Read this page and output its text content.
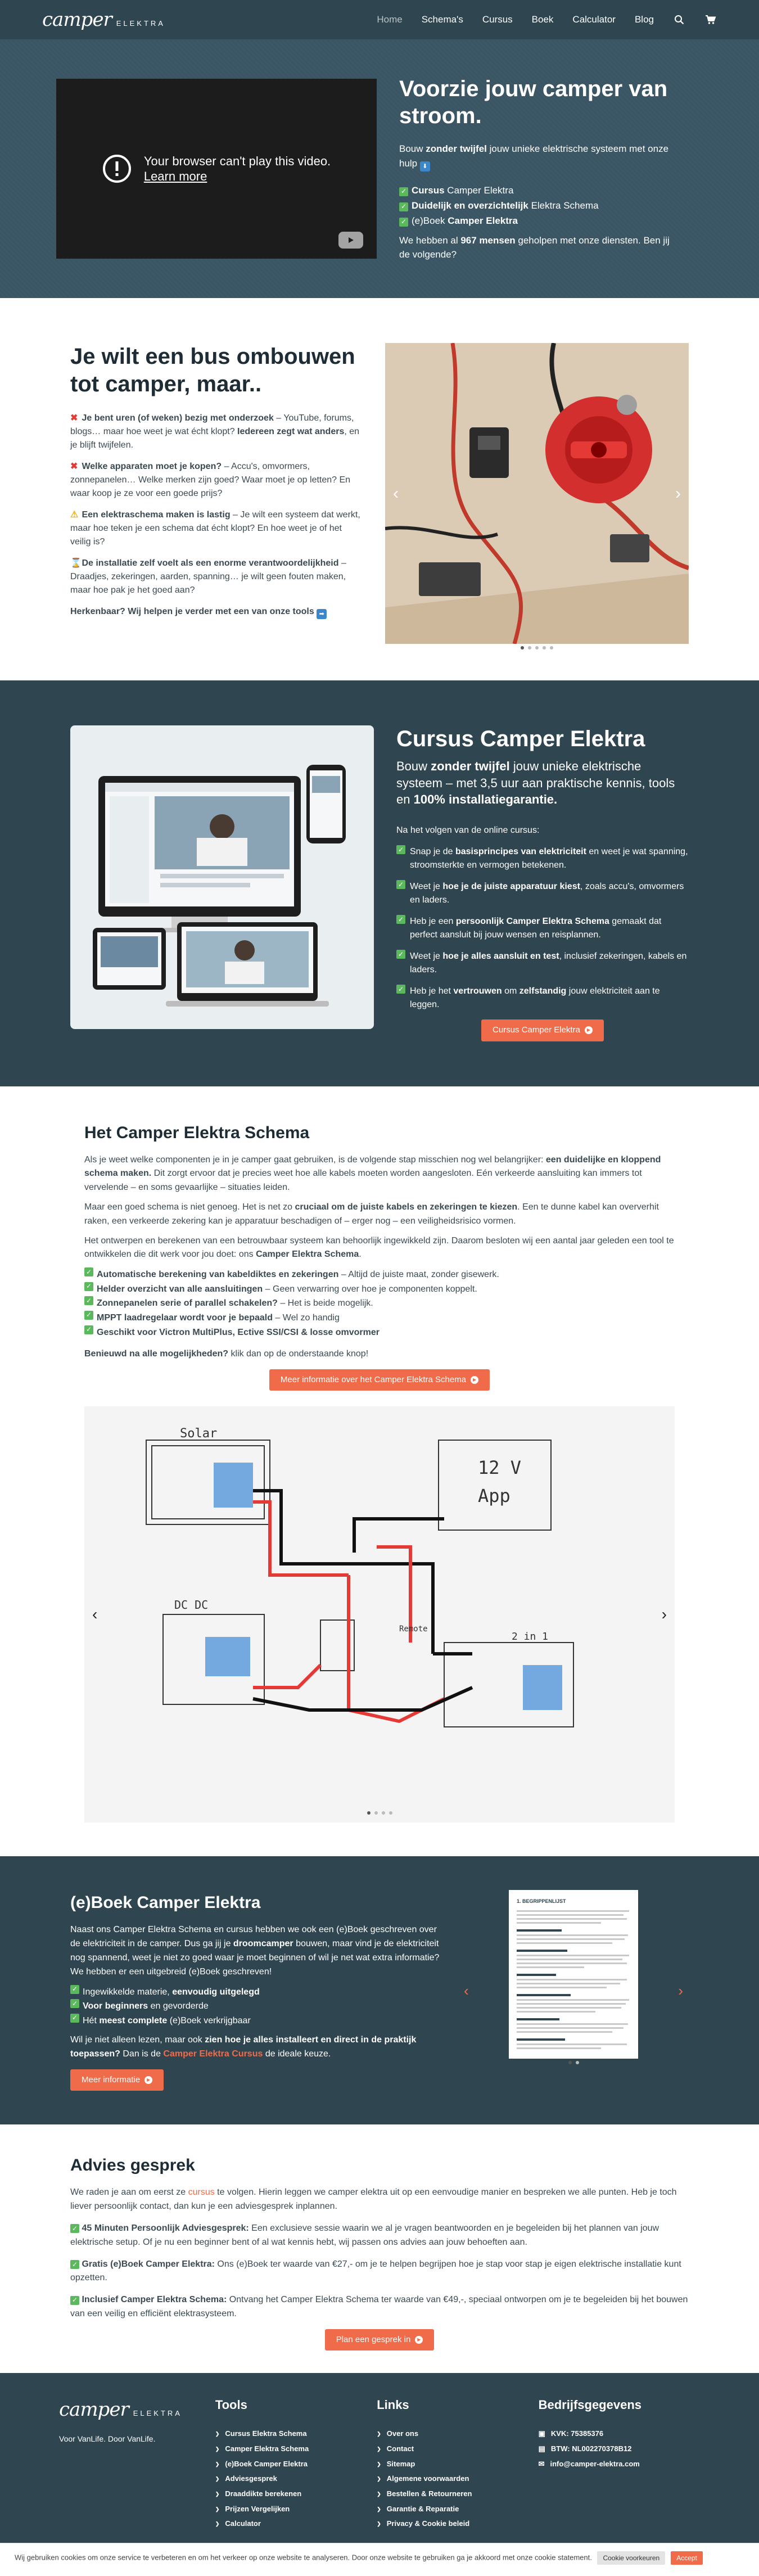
camper ELEKTRA	Home Schema's Cursus Boek Calculator Blog
Your browser can't play this video.
Learn more
Voorzie jouw camper van stroom.

Bouw zonder twijfel jouw unieke elektrische systeem met onze hulp ⬇

✓ Cursus Camper Elektra
✓ Duidelijk en overzichtelijk Elektra Schema
✓ (e)Boek Camper Elektra

We hebben al 967 mensen geholpen met onze diensten. Ben jij de volgende?

Je wilt een bus ombouwen tot camper, maar..

✖ Je bent uren (of weken) bezig met onderzoek – YouTube, forums, blogs… maar hoe weet je wat écht klopt? Iedereen zegt wat anders, en je blijft twijfelen.

✖ Welke apparaten moet je kopen? – Accu's, omvormers, zonnepanelen… Welke merken zijn goed? Waar moet je op letten? En waar koop je ze voor een goede prijs?

⚠ Een elektraschema maken is lastig – Je wilt een systeem dat werkt, maar hoe teken je een schema dat écht klopt? En hoe weet je of het veilig is?

⌛ De installatie zelf voelt als een enorme verantwoordelijkheid – Draadjes, zekeringen, aarden, spanning… je wilt geen fouten maken, maar hoe pak je het goed aan?

Herkenbaar? Wij helpen je verder met een van onze tools ➡

‹	›
Cursus Camper Elektra

Bouw zonder twijfel jouw unieke elektrische systeem – met 3,5 uur aan praktische kennis, tools en 100% installatiegarantie.

Na het volgen van de online cursus:

✓ Snap je de basisprincipes van elektriciteit en weet je wat spanning, stroomsterkte en vermogen betekenen.
✓ Weet je hoe je de juiste apparatuur kiest, zoals accu's, omvormers en laders.
✓ Heb je een persoonlijk Camper Elektra Schema gemaakt dat perfect aansluit bij jouw wensen en reisplannen.
✓ Weet je hoe je alles aansluit en test, inclusief zekeringen, kabels en laders.
✓ Heb je het vertrouwen om zelfstandig jouw elektriciteit aan te leggen.
Cursus Camper Elektra	▶
Het Camper Elektra Schema

Als je weet welke componenten je in je camper gaat gebruiken, is de volgende stap misschien nog wel belangrijker: een duidelijke en kloppend schema maken. Dit zorgt ervoor dat je precies weet hoe alle kabels moeten worden aangesloten. Eén verkeerde aansluiting kan immers tot vervelende – en soms gevaarlijke – situaties leiden.

Maar een goed schema is niet genoeg. Het is net zo cruciaal om de juiste kabels en zekeringen te kiezen. Een te dunne kabel kan oververhit raken, een verkeerde zekering kan je apparatuur beschadigen of – erger nog – een veiligheidsrisico vormen.

Het ontwerpen en berekenen van een betrouwbaar systeem kan behoorlijk ingewikkeld zijn. Daarom besloten wij een aantal jaar geleden een tool te ontwikkelen die dit werk voor jou doet: ons Camper Elektra Schema.

✓ Automatische berekening van kabeldiktes en zekeringen – Altijd de juiste maat, zonder gisewerk.
✓ Helder overzicht van alle aansluitingen – Geen verwarring over hoe je componenten koppelt.
✓ Zonnepanelen serie of parallel schakelen? – Het is beide mogelijk.
✓ MPPT laadregelaar wordt voor je bepaald – Wel zo handig
✓ Geschikt voor Victron MultiPlus, Ective SSI/CSI & losse omvormer

Benieuwd na alle mogelijkheden? klik dan op de onderstaande knop!

Meer informatie over het Camper Elektra Schema	▶
Solar
DC DC
12 V
App
2 in 1
Remote
‹	›
(e)Boek Camper Elektra

Naast ons Camper Elektra Schema en cursus hebben we ook een (e)Boek geschreven over de elektriciteit in de camper. Dus ga jij je droomcamper bouwen, maar vind je de elektriciteit nog spannend, weet je niet zo goed waar je moet beginnen of wil je net wat extra informatie? We hebben er een uitgebreid (e)Boek geschreven!

✓ Ingewikkelde materie, eenvoudig uitgelegd
✓ Voor beginners en gevorderde
✓ Hét meest complete (e)Boek verkrijgbaar

Wil je niet alleen lezen, maar ook zien hoe je alles installeert en direct in de praktijk toepassen? Dan is de Camper Elektra Cursus de ideale keuze.

Meer informatie	▶
1. BEGRIPPENLIJST
‹	›
Advies gesprek

We raden je aan om eerst ze cursus te volgen. Hierin leggen we camper elektra uit op een eenvoudige manier en bespreken we alle punten. Heb je toch liever persoonlijk contact, dan kun je een adviesgesprek inplannen.

✓ 45 Minuten Persoonlijk Adviesgesprek: Een exclusieve sessie waarin we al je vragen beantwoorden en je begeleiden bij het plannen van jouw elektrische setup. Of je nu een beginner bent of al wat kennis hebt, wij passen ons advies aan jouw behoeften aan.

✓ Gratis (e)Boek Camper Elektra: Ons (e)Boek ter waarde van €27,- om je te helpen begrijpen hoe je stap voor stap je eigen elektrische installatie kunt opzetten.

✓ Inclusief Camper Elektra Schema: Ontvang het Camper Elektra Schema ter waarde van €49,-, speciaal ontworpen om je te begeleiden bij het bouwen van een veilig en efficiënt elektrasysteem.

Plan een gesprek in	▶
camper ELEKTRA

Voor VanLife. Door VanLife.

Tools
❯ Cursus Elektra Schema
❯ Camper Elektra Schema
❯ (e)Boek Camper Elektra
❯ Adviesgesprek
❯ Draaddikte berekenen
❯ Prijzen Vergelijken
❯ Calculator
Links
❯ Over ons
❯ Contact
❯ Sitemap
❯ Algemene voorwaarden
❯ Bestellen & Retourneren
❯ Garantie & Reparatie
❯ Privacy & Cookie beleid
Bedrijfsgegevens
▣ KVK: 75385376
▤ BTW: NL002270378B12
✉ info@camper-elektra.com
Wij gebruiken cookies om onze service te verbeteren en om het verkeer op onze website te analyseren. Door onze website te gebruiken ga je akkoord met onze cookie statement.	Cookie voorkeuren	Accept
